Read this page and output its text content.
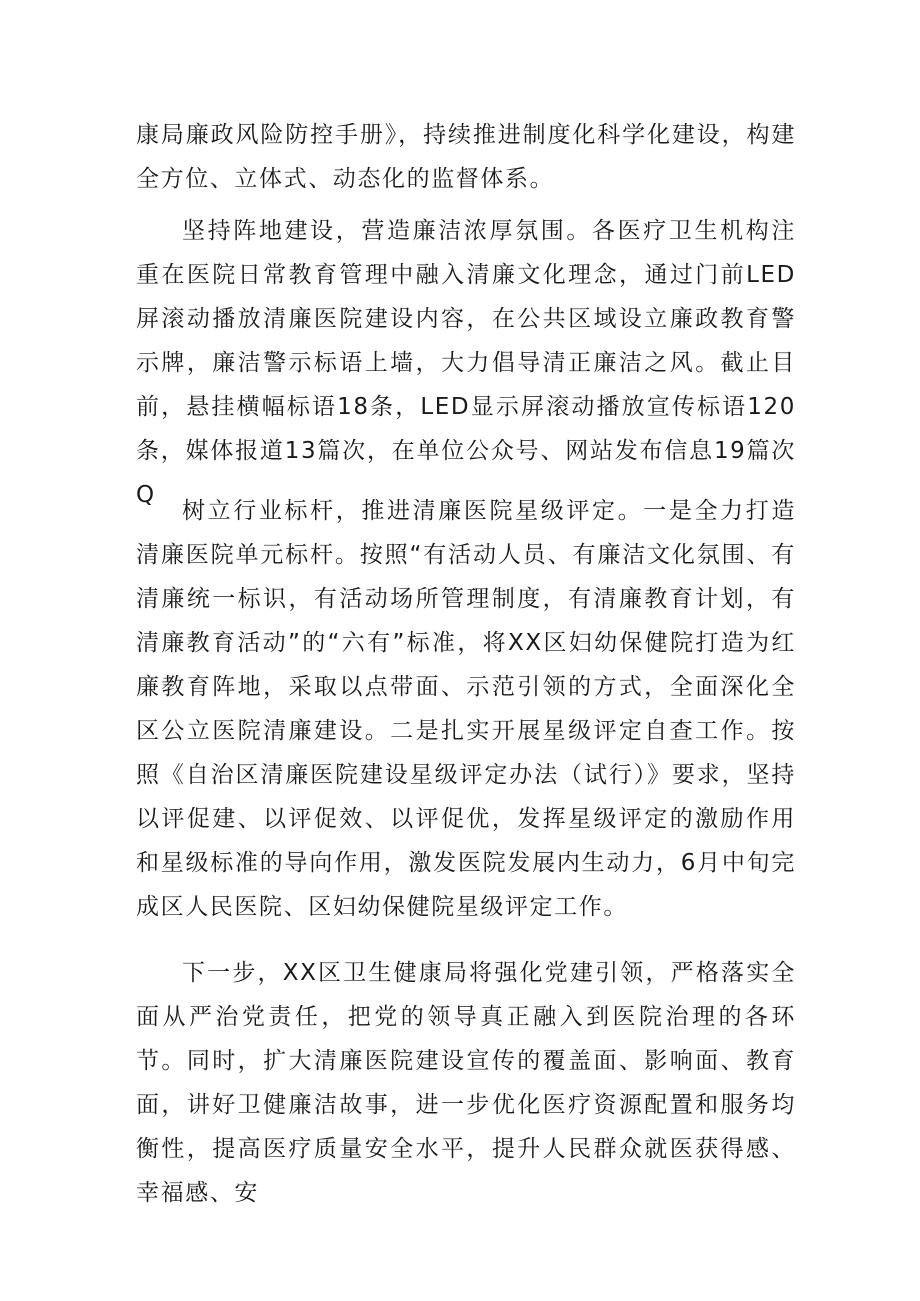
康局廉政风险防控手册》，持续推进制度化科学化建设，构建全方位、立体式、动态化的监督体系。

坚持阵地建设，营造廉洁浓厚氛围。各医疗卫生机构注重在医院日常教育管理中融入清廉文化理念，通过门前LED屏滚动播放清廉医院建设内容，在公共区域设立廉政教育警示牌，廉洁警示标语上墙，大力倡导清正廉洁之风。截止目前，悬挂横幅标语18条，LED显示屏滚动播放宣传标语120条，媒体报道13篇次，在单位公众号、网站发布信息19篇次Q

树立行业标杆，推进清廉医院星级评定。一是全力打造清廉医院单元标杆。按照“有活动人员、有廉洁文化氛围、有清廉统一标识，有活动场所管理制度，有清廉教育计划，有清廉教育活动”的“六有”标准，将XX区妇幼保健院打造为红廉教育阵地，采取以点带面、示范引领的方式，全面深化全区公立医院清廉建设。二是扎实开展星级评定自查工作。按照《自治区清廉医院建设星级评定办法（试行）》要求，坚持以评促建、以评促效、以评促优，发挥星级评定的激励作用和星级标准的导向作用，激发医院发展内生动力，6月中旬完成区人民医院、区妇幼保健院星级评定工作。

下一步，XX区卫生健康局将强化党建引领，严格落实全面从严治党责任，把党的领导真正融入到医院治理的各环节。同时，扩大清廉医院建设宣传的覆盖面、影响面、教育面，讲好卫健廉洁故事，进一步优化医疗资源配置和服务均衡性，提高医疗质量安全水平，提升人民群众就医获得感、幸福感、安
